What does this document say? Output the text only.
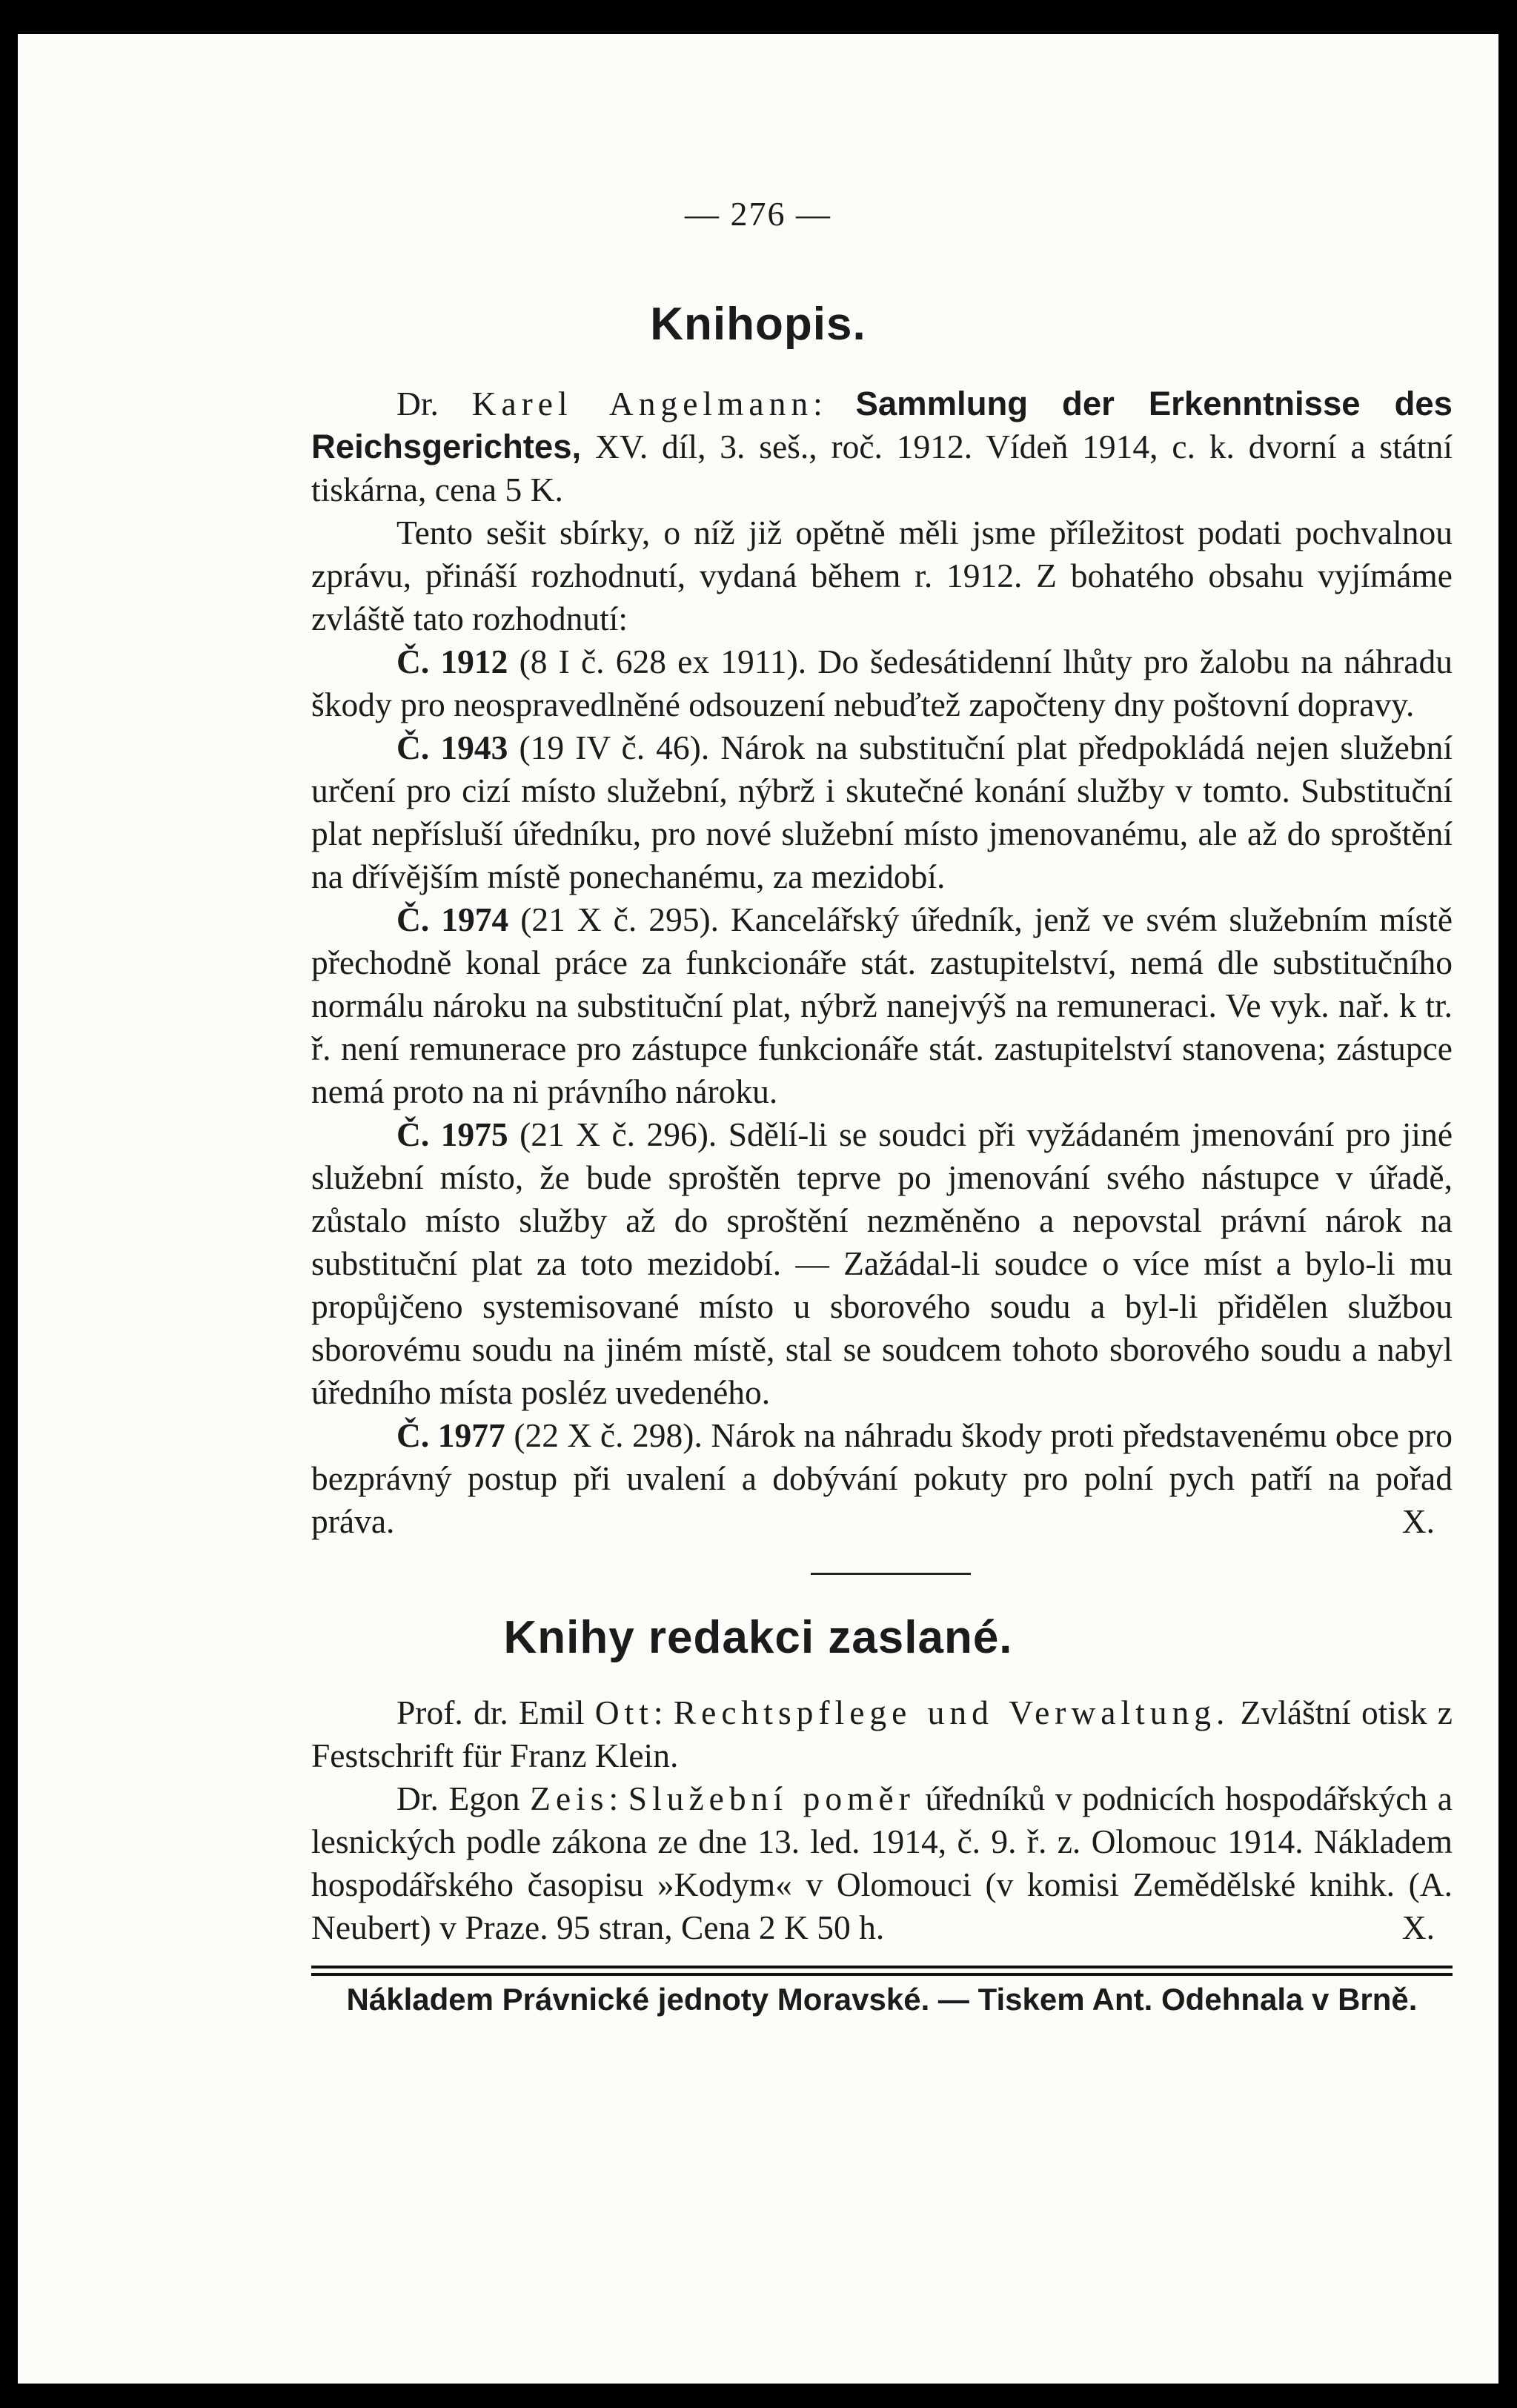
— 276 —
Knihopis.

Dr. Karel Angelmann: Sammlung der Erkenntnisse des Reichsgerichtes, XV. díl, 3. seš., roč. 1912. Vídeň 1914, c. k. dvorní a státní tiskárna, cena 5 K.

Tento sešit sbírky, o níž již opětně měli jsme příležitost podati pochvalnou zprávu, přináší rozhodnutí, vydaná během r. 1912. Z bohatého obsahu vyjímáme zvláště tato rozhodnutí:

Č. 1912 (8 I č. 628 ex 1911). Do šedesátidenní lhůty pro žalobu na náhradu škody pro neospravedlněné odsouzení nebuďtež započteny dny poštovní dopravy.

Č. 1943 (19 IV č. 46). Nárok na substituční plat předpokládá nejen služební určení pro cizí místo služební, nýbrž i skutečné konání služby v tomto. Substituční plat nepřísluší úředníku, pro nové služební místo jmenovanému, ale až do sproštění na dřívějším místě ponechanému, za mezidobí.

Č. 1974 (21 X č. 295). Kancelářský úředník, jenž ve svém služebním místě přechodně konal práce za funkcionáře stát. zastupitelství, nemá dle substitučního normálu nároku na substituční plat, nýbrž nanejvýš na remuneraci. Ve vyk. nař. k tr. ř. není remunerace pro zástupce funkcionáře stát. zastupitelství stanovena; zástupce nemá proto na ni právního nároku.

Č. 1975 (21 X č. 296). Sdělí-li se soudci při vyžádaném jmenování pro jiné služební místo, že bude sproštěn teprve po jmenování svého nástupce v úřadě, zůstalo místo služby až do sproštění nezměněno a nepovstal právní nárok na substituční plat za toto mezidobí. — Zažádal-li soudce o více míst a bylo-li mu propůjčeno systemisované místo u sborového soudu a byl-li přidělen službou sborovému soudu na jiném místě, stal se soudcem tohoto sborového soudu a nabyl úředního místa posléz uvedeného.

Č. 1977 (22 X č. 298). Nárok na náhradu škody proti představenému obce pro bezprávný postup při uvalení a dobývání pokuty pro polní pych patří na pořad práva.	X.
Knihy redakci zaslané.

Prof. dr. Emil Ott: Rechtspflege und Verwaltung. Zvláštní otisk z Festschrift für Franz Klein.

Dr. Egon Zeis: Služební poměr úředníků v podnicích hospodářských a lesnických podle zákona ze dne 13. led. 1914, č. 9. ř. z. Olomouc 1914. Nákladem hospodářského časopisu »Kodym« v Olomouci (v komisi Zemědělské knihk. (A. Neubert) v Praze. 95 stran, Cena 2 K 50 h.	X.

Nákladem Právnické jednoty Moravské. — Tiskem Ant. Odehnala v Brně.
